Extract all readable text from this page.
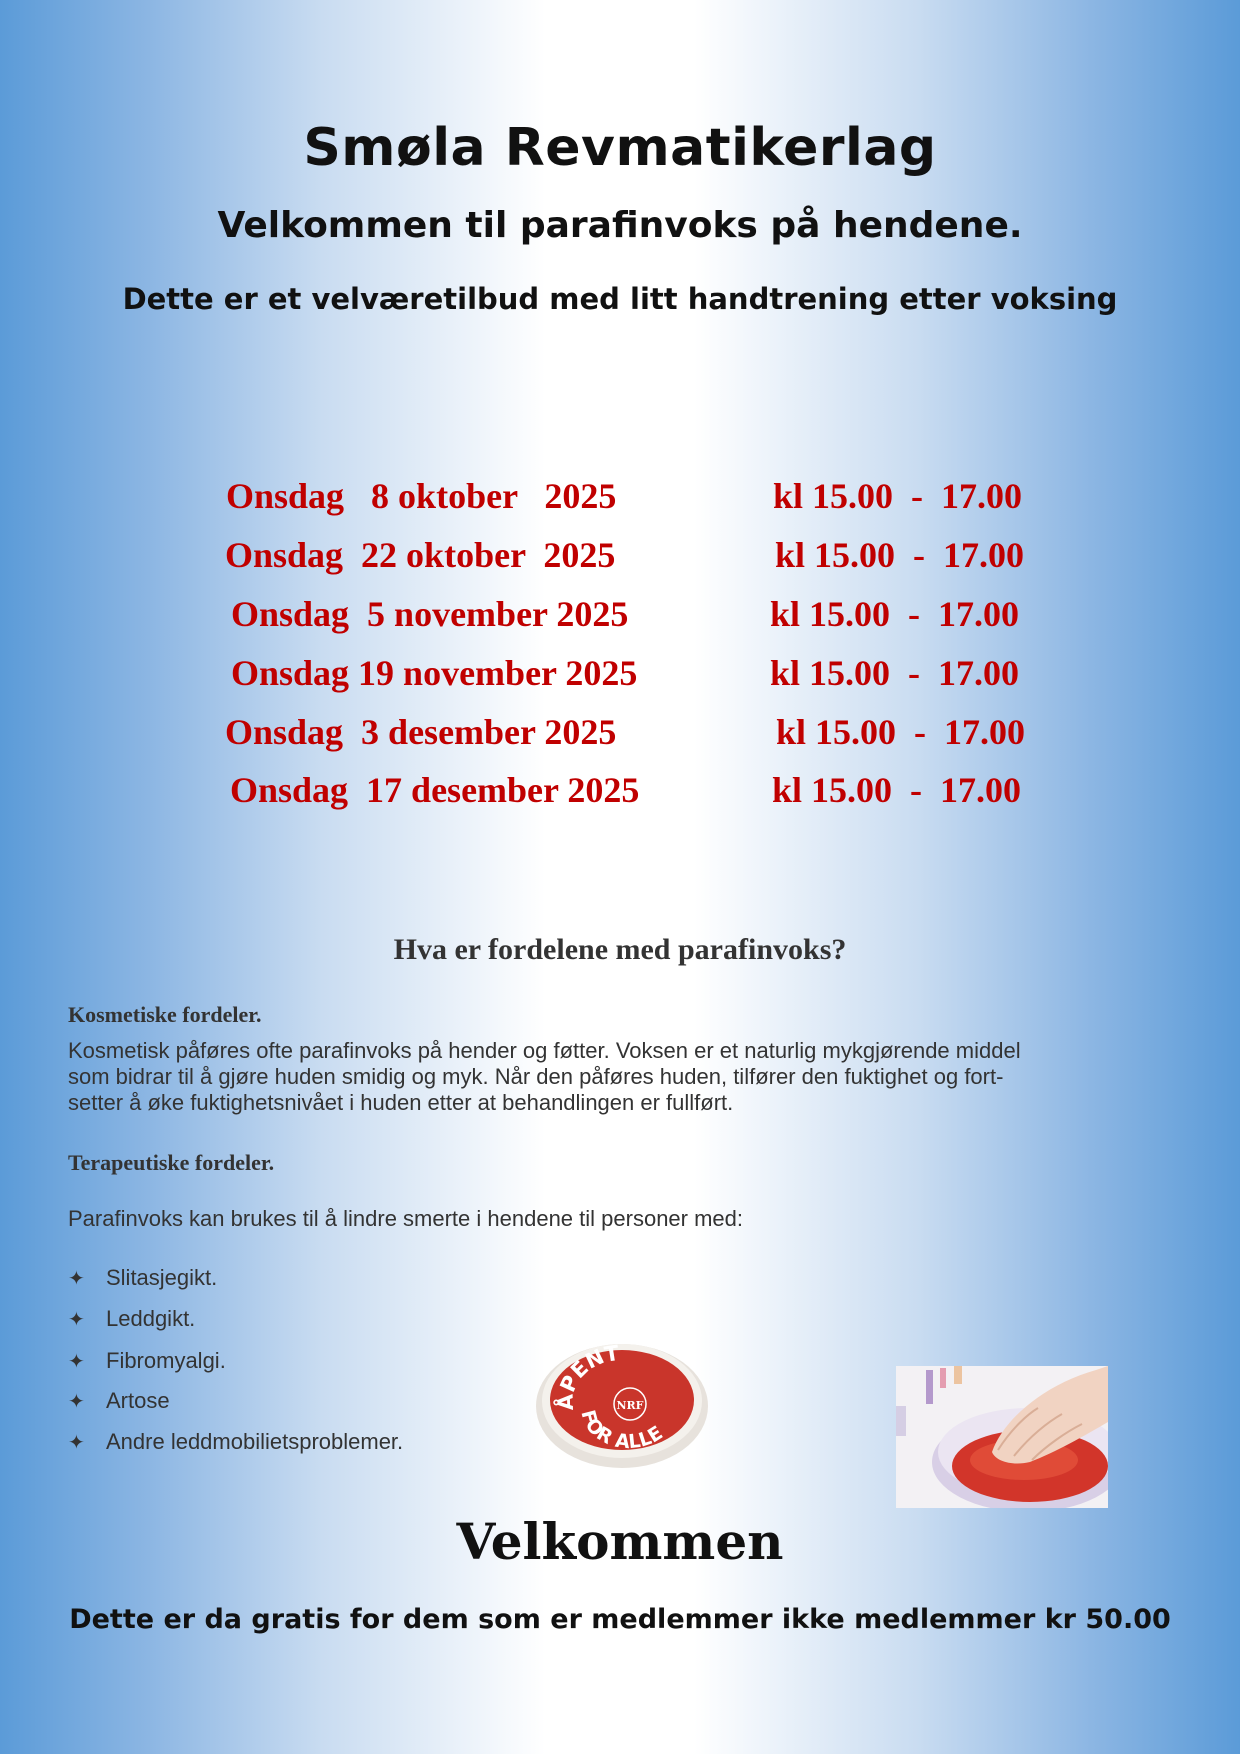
Smøla Revmatikerlag
Velkommen til parafinvoks på hendene.
Dette er et velværetilbud med litt handtrening etter voksing
Onsdag   8 oktober   2025	kl 15.00  -  17.00
Onsdag  22 oktober  2025	kl 15.00  -  17.00
Onsdag  5 november 2025	kl 15.00  -  17.00
Onsdag 19 november 2025	kl 15.00  -  17.00
Onsdag  3 desember 2025	kl 15.00  -  17.00
Onsdag  17 desember 2025	kl 15.00  -  17.00
Hva er fordelene med parafinvoks?
Kosmetiske fordeler.
Kosmetisk påføres ofte parafinvoks på hender og føtter. Voksen er et naturlig mykgjørende middel
som bidrar til å gjøre huden smidig og myk. Når den påføres huden, tilfører den fuktighet og fort-
setter å øke fuktighetsnivået i huden etter at behandlingen er fullført.
Terapeutiske fordeler.
Parafinvoks kan brukes til å lindre smerte i hendene til personer med:
✦ Slitasjegikt.
✦ Leddgikt.
✦ Fibromyalgi.
✦ Artose
✦ Andre leddmobilietsproblemer.
ÅPENT
FOR ALLE
NRF
Velkommen
Dette er da gratis for dem som er medlemmer ikke medlemmer kr 50.00
